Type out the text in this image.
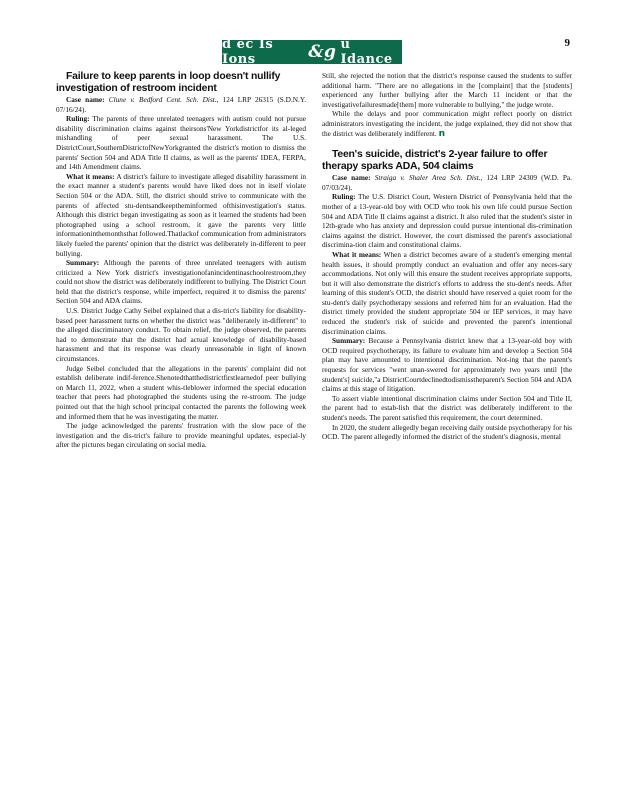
d ec Is Ions	&g u Idance
9

Failure to keep parents in loop doesn't nullify investigation of restroom incident

Case name: Clune v. Bedford Cent. Sch. Dist., 124 LRP 26315 (S.D.N.Y. 07/16/24).

Ruling: The parents of three unrelated teenagers with autism could not pursue disability discrimination claims against theirsons'New Yorkdistrictfor its al-leged mishandling of peer sexual harassment. The U.S. DistrictCourt,SouthernDistrictofNewYorkgranted the district's motion to dismiss the parents' Section 504 and ADA Title II claims, as well as the parents' IDEA, FERPA, and 14th Amendment claims.

What it means: A district's failure to investigate alleged disability harassment in the exact manner a student's parents would have liked does not in itself violate Section 504 or the ADA. Still, the district should strive to communicate with the parents of affected stu-dentsandkeeptheminformed ofthisinvestigation's status. Although this district began investigating as soon as it learned the students had been photographed using a school restroom, it gave the parents very little informationinthemonthsthat followed.Thatlackof communication from administrators likely fueled the parents' opinion that the district was deliberately in-different to peer bullying.

Summary: Although the parents of three unrelated teenagers with autism criticized a New York district's investigationofanincidentinaschoolrestroom,they could not show the district was deliberately indifferent to bullying. The District Court held that the district's response, while imperfect, required it to dismiss the parents' Section 504 and ADA claims.

U.S. District Judge Cathy Seibel explained that a dis-trict's liability for disability-based peer harassment turns on whether the district was "deliberately in-different" to the alleged discriminatory conduct. To obtain relief, the judge observed, the parents had to demonstrate that the district had actual knowledge of disability-based harassment and that its response was clearly unreasonable in light of known circumstances.

Judge Seibel concluded that the allegations in the parents' complaint did not establish deliberate indif-ference.Shenotedthatthedistrictfirstlearnedof peer bullying on March 11, 2022, when a student whis-tleblower informed the special education teacher that peers had photographed the students using the re-stroom. The judge pointed out that the high school principal contacted the parents the following week and informed them that he was investigating the matter.

The judge acknowledged the parents' frustration with the slow pace of the investigation and the dis-trict's failure to provide meaningful updates, especial-ly after the pictures began circulating on social media.

Still, she rejected the notion that the district's response caused the students to suffer additional harm. "There are no allegations in the [complaint] that the [students] experienced any further bullying after the March 11 incident or that the investigativefailuresmade[them] more vulnerable to bullying," the judge wrote.

While the delays and poor communication might reflect poorly on district administrators investigating the incident, the judge explained, they did not show that the district was deliberately indifferent. n

Teen's suicide, district's 2-year failure to offer therapy sparks ADA, 504 claims

Case name: Straiga v. Shaler Area Sch. Dist., 124 LRP 24309 (W.D. Pa. 07/03/24).

Ruling: The U.S. District Court, Western District of Pennsylvania held that the mother of a 13-year-old boy with OCD who took his own life could pursue Section 504 and ADA Title II claims against a district. It also ruled that the student's sister in 12th-grade who has anxiety and depression could pursue intentional dis-crimination claims against the district. However, the court dismissed the parent's associational discrimina-tion claim and constitutional claims.

What it means: When a district becomes aware of a student's emerging mental health issues, it should promptly conduct an evaluation and offer any neces-sary accommodations. Not only will this ensure the student receives appropriate supports, but it will also demonstrate the district's efforts to address the stu-dent's needs. After learning of this student's OCD, the district should have reserved a quiet room for the stu-dent's daily psychotherapy sessions and referred him for an evaluation. Had the district timely provided the student appropriate 504 or IEP services, it may have reduced the student's risk of suicide and prevented the parent's intentional discrimination claims.

Summary: Because a Pennsylvania district knew that a 13-year-old boy with OCD required psychotherapy, its failure to evaluate him and develop a Section 504 plan may have amounted to intentional discrimination. Not-ing that the parent's requests for services "went unan-swered for approximately two years until [the student's] suicide,"a DistrictCourtdeclinedtodismisstheparent's Section 504 and ADA claims at this stage of litigation.

To assert viable intentional discrimination claims under Section 504 and Title II, the parent had to estab-lish that the district was deliberately indifferent to the student's needs. The parent satisfied this requirement, the court determined.

In 2020, the student allegedly began receiving daily outside psychotherapy for his OCD. The parent allegedly informed the district of the student's diagnosis, mental
